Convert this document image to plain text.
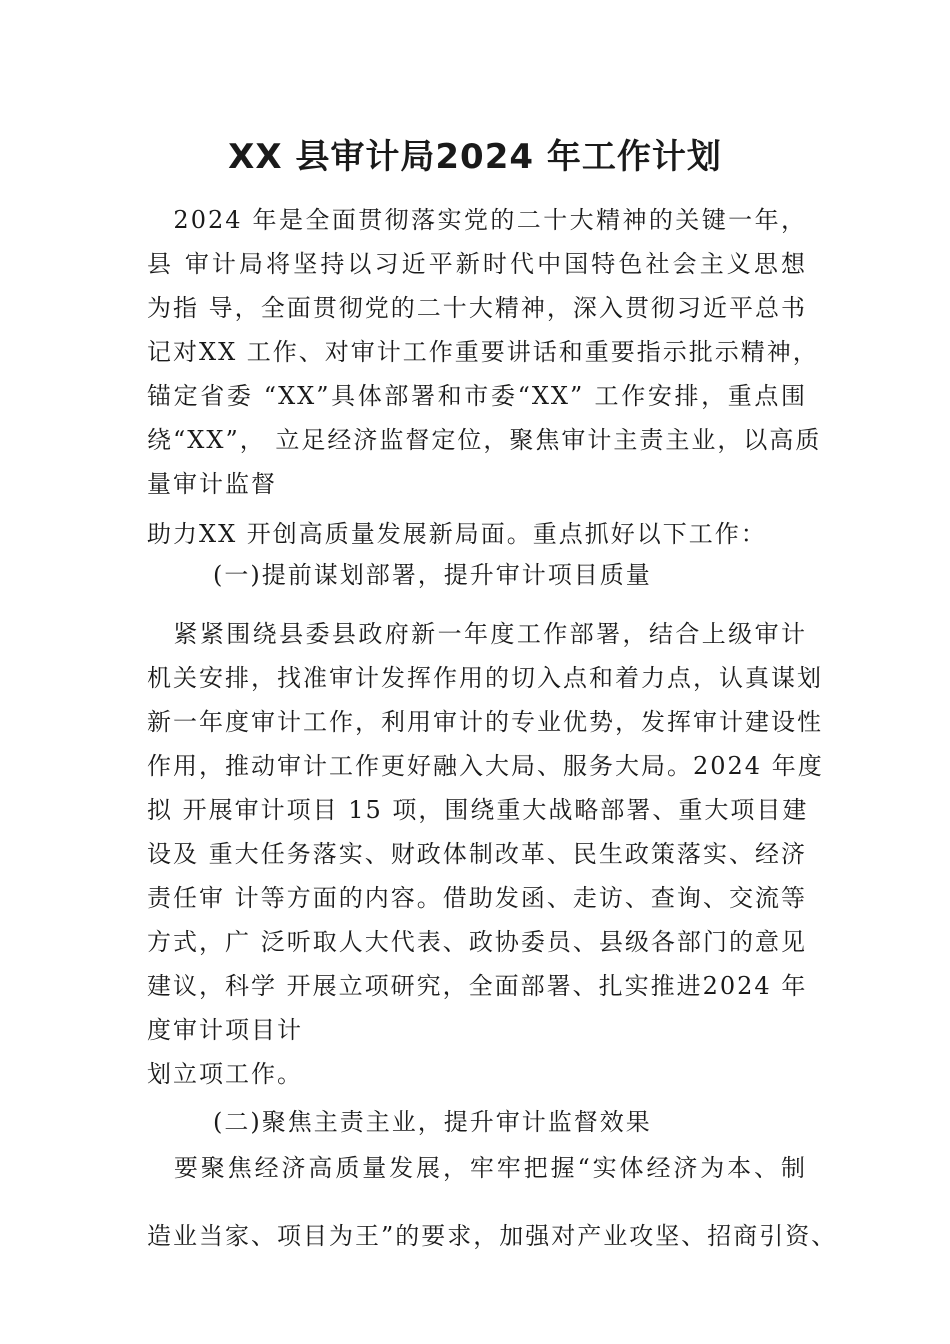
XX 县审计局2024 年工作计划
　2024 年是全面贯彻落实党的二十大精神的关键一年，
县 审计局将坚持以习近平新时代中国特色社会主义思想
为指 导，全面贯彻党的二十大精神，深入贯彻习近平总书
记对XX 工作、对审计工作重要讲话和重要指示批示精神，
锚定省委 “XX”具体部署和市委“XX” 工作安排，重点围
绕“XX”， 立足经济监督定位，聚焦审计主责主业，以高质
量审计监督
助力XX 开创高质量发展新局面。重点抓好以下工作：
(一)提前谋划部署，提升审计项目质量
　紧紧围绕县委县政府新一年度工作部署，结合上级审计
机关安排，找准审计发挥作用的切入点和着力点，认真谋划
新一年度审计工作，利用审计的专业优势，发挥审计建设性
作用，推动审计工作更好融入大局、服务大局。2024 年度
拟 开展审计项目 15 项，围绕重大战略部署、重大项目建
设及 重大任务落实、财政体制改革、民生政策落实、经济
责任审 计等方面的内容。借助发函、走访、查询、交流等
方式，广 泛听取人大代表、政协委员、县级各部门的意见
建议，科学 开展立项研究，全面部署、扎实推进2024 年
度审计项目计
划立项工作。
(二)聚焦主责主业，提升审计监督效果
　要聚焦经济高质量发展，牢牢把握“实体经济为本、制
造业当家、项目为王”的要求，加强对产业攻坚、招商引资、
